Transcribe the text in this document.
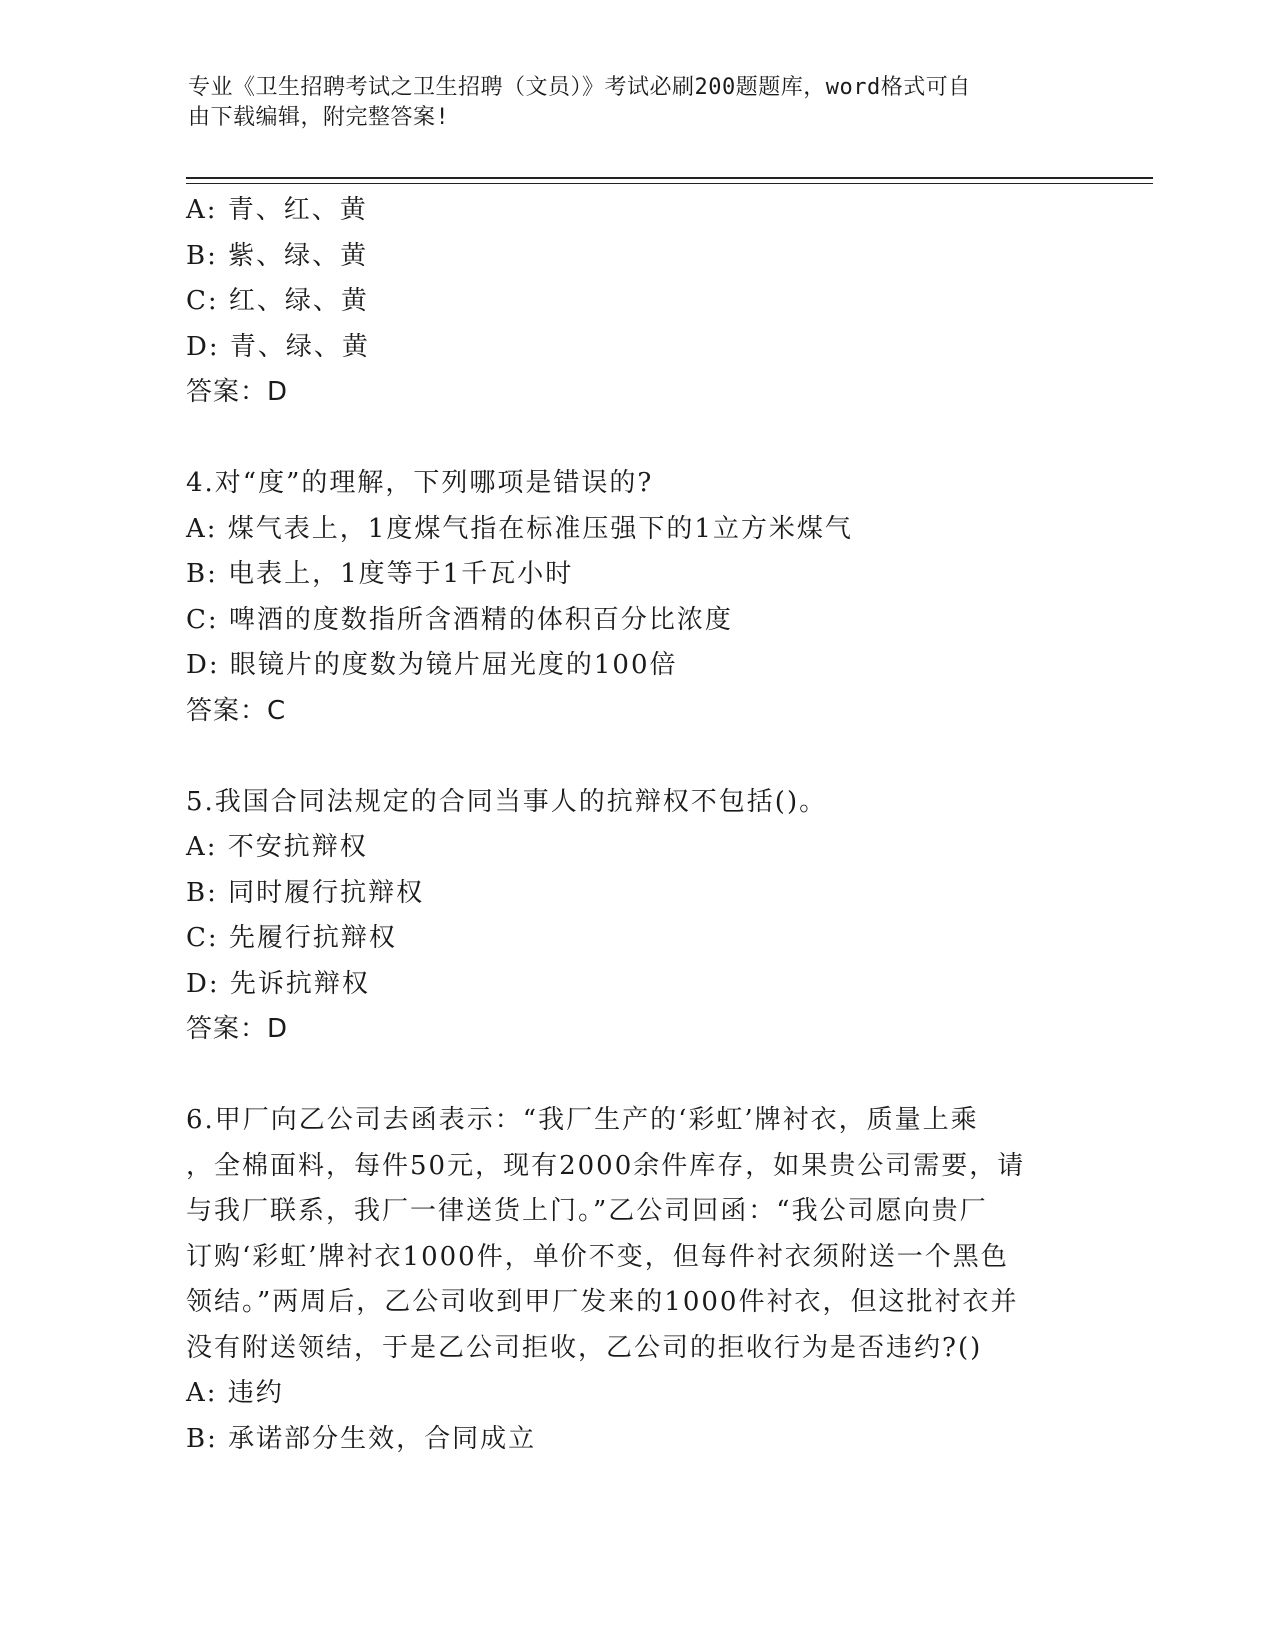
专业《卫生招聘考试之卫生招聘（文员）》考试必刷200题题库，word格式可自
由下载编辑，附完整答案!
A: 青、红、黄
B: 紫、绿、黄
C: 红、绿、黄
D: 青、绿、黄
答案：D
4.对“度”的理解，下列哪项是错误的?
A: 煤气表上，1度煤气指在标准压强下的1立方米煤气
B: 电表上，1度等于1千瓦小时
C: 啤酒的度数指所含酒精的体积百分比浓度
D: 眼镜片的度数为镜片屈光度的100倍
答案：C
5.我国合同法规定的合同当事人的抗辩权不包括()。
A: 不安抗辩权
B: 同时履行抗辩权
C: 先履行抗辩权
D: 先诉抗辩权
答案：D
6.甲厂向乙公司去函表示：“我厂生产的‘彩虹’牌衬衣，质量上乘
，全棉面料，每件50元，现有2000余件库存，如果贵公司需要，请
与我厂联系，我厂一律送货上门。”乙公司回函：“我公司愿向贵厂
订购‘彩虹’牌衬衣1000件，单价不变，但每件衬衣须附送一个黑色
领结。”两周后，乙公司收到甲厂发来的1000件衬衣，但这批衬衣并
没有附送领结，于是乙公司拒收，乙公司的拒收行为是否违约?()
A: 违约
B: 承诺部分生效，合同成立
